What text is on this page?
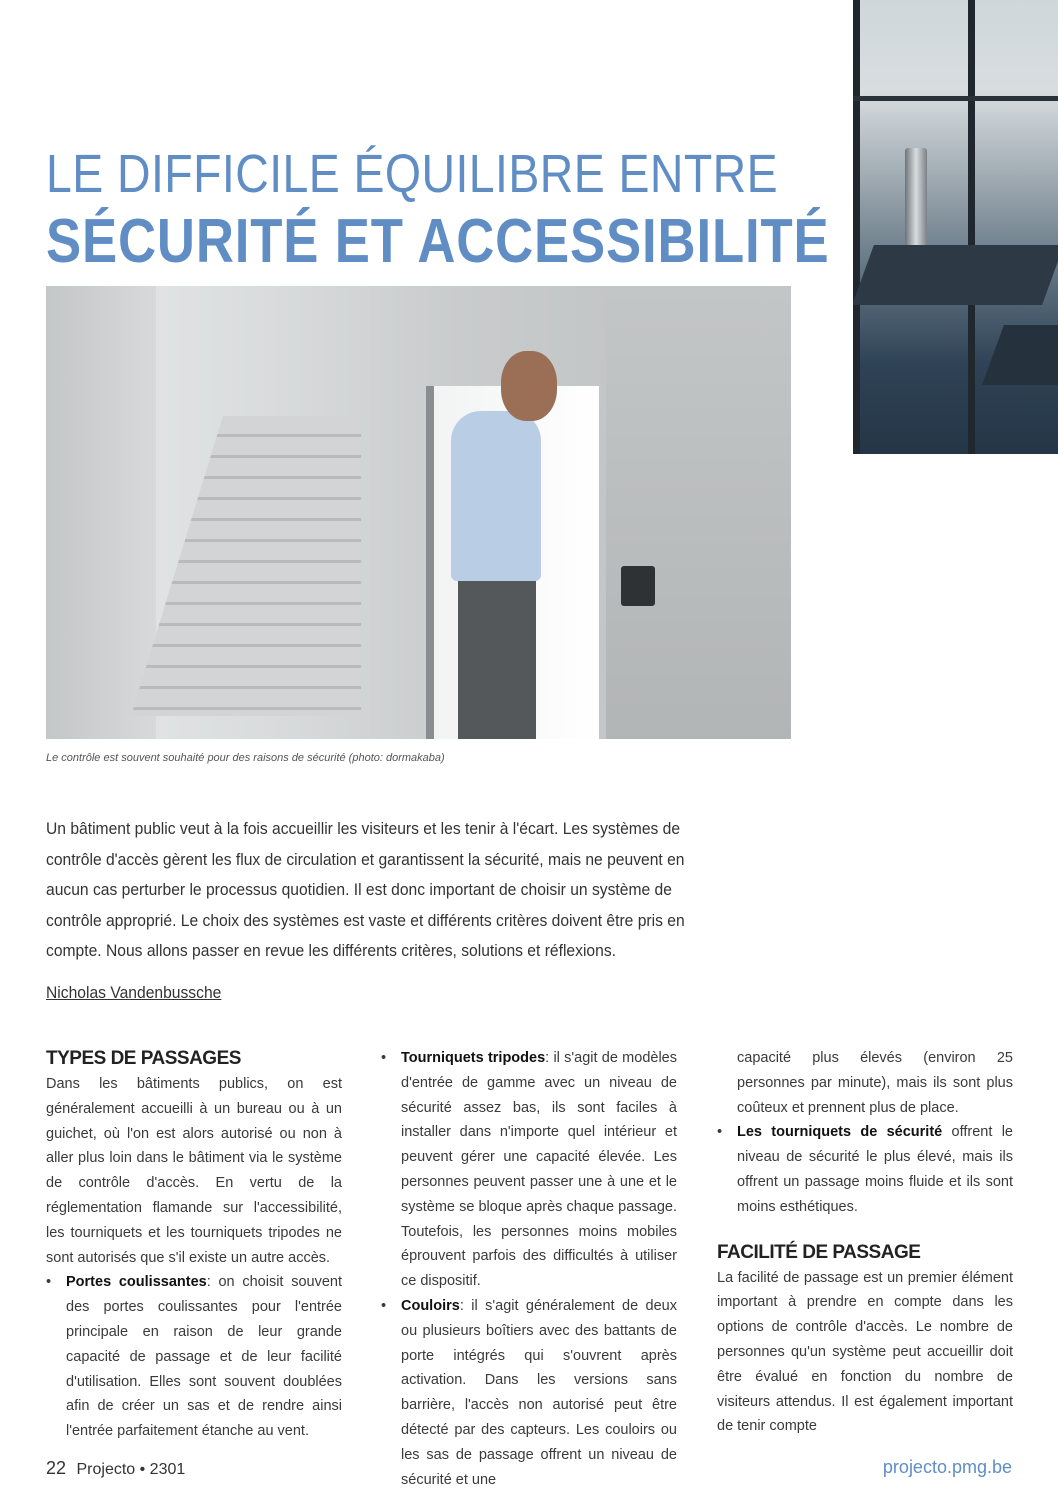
LE DIFFICILE ÉQUILIBRE ENTRE
SÉCURITÉ ET ACCESSIBILITÉ
Le contrôle est souvent souhaité pour des raisons de sécurité (photo: dormakaba)

Un bâtiment public veut à la fois accueillir les visiteurs et les tenir à l'écart. Les systèmes de contrôle d'accès gèrent les flux de circulation et garantissent la sécurité, mais ne peuvent en aucun cas perturber le processus quotidien. Il est donc important de choisir un système de contrôle approprié. Le choix des systèmes est vaste et différents critères doivent être pris en compte. Nous allons passer en revue les différents critères, solutions et réflexions.

Nicholas Vandenbussche
TYPES DE PASSAGES

Dans les bâtiments publics, on est généralement accueilli à un bureau ou à un guichet, où l'on est alors autorisé ou non à aller plus loin dans le bâtiment via le système de contrôle d'accès. En vertu de la réglementation flamande sur l'accessibilité, les tourniquets et les tourniquets tripodes ne sont autorisés que s'il existe un autre accès.

• Portes coulissantes: on choisit souvent des portes coulissantes pour l'entrée principale en raison de leur grande capacité de passage et de leur facilité d'utilisation. Elles sont souvent doublées afin de créer un sas et de rendre ainsi l'entrée parfaitement étanche au vent.

• Tourniquets tripodes: il s'agit de modèles d'entrée de gamme avec un niveau de sécurité assez bas, ils sont faciles à installer dans n'importe quel intérieur et peuvent gérer une capacité élevée. Les personnes peuvent passer une à une et le système se bloque après chaque passage. Toutefois, les personnes moins mobiles éprouvent parfois des difficultés à utiliser ce dispositif.

• Couloirs: il s'agit généralement de deux ou plusieurs boîtiers avec des battants de porte intégrés qui s'ouvrent après activation. Dans les versions sans barrière, l'accès non autorisé peut être détecté par des capteurs. Les couloirs ou les sas de passage offrent un niveau de sécurité et une

capacité plus élevés (environ 25 personnes par minute), mais ils sont plus coûteux et prennent plus de place.

• Les tourniquets de sécurité offrent le niveau de sécurité le plus élevé, mais ils offrent un passage moins fluide et ils sont moins esthétiques.

FACILITÉ DE PASSAGE

La facilité de passage est un premier élément important à prendre en compte dans les options de contrôle d'accès. Le nombre de personnes qu'un système peut accueillir doit être évalué en fonction du nombre de visiteurs attendus. Il est également important de tenir compte

22 Projecto • 2301	projecto.pmg.be
